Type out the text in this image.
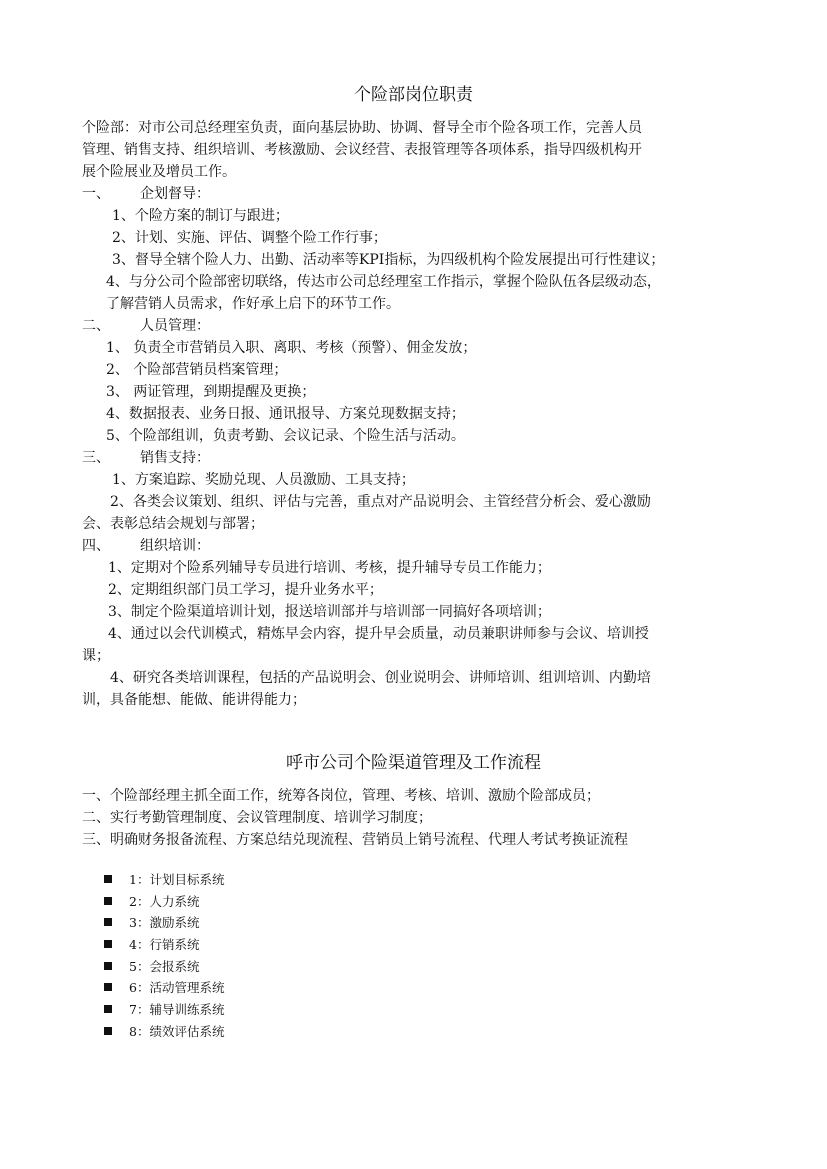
个险部岗位职责
个险部：对市公司总经理室负责，面向基层协助、协调、督导全市个险各项工作，完善人员
管理、销售支持、组织培训、考核激励、会议经营、表报管理等各项体系，指导四级机构开
展个险展业及增员工作。
一、 企划督导：
1、个险方案的制订与跟进；
2、计划、实施、评估、调整个险工作行事；
3、督导全辖个险人力、出勤、活动率等KPI指标，为四级机构个险发展提出可行性建议；
4、与分公司个险部密切联络，传达市公司总经理室工作指示，掌握个险队伍各层级动态，
了解营销人员需求，作好承上启下的环节工作。
二、 人员管理：
1、 负责全市营销员入职、离职、考核（预警）、佣金发放；
2、 个险部营销员档案管理；
3、 两证管理，到期提醒及更换；
4、数据报表、业务日报、通讯报导、方案兑现数据支持；
5、个险部组训，负责考勤、会议记录、个险生活与活动。
三、 销售支持：
1、方案追踪、奖励兑现、人员激励、工具支持；
2、各类会议策划、组织、评估与完善，重点对产品说明会、主管经营分析会、爱心激励
会、表彰总结会规划与部署；
四、 组织培训：
1、定期对个险系列辅导专员进行培训、考核，提升辅导专员工作能力；
2、定期组织部门员工学习，提升业务水平；
3、制定个险渠道培训计划，报送培训部并与培训部一同搞好各项培训；
4、通过以会代训模式，精炼早会内容，提升早会质量，动员兼职讲师参与会议、培训授
课；
4、研究各类培训课程，包括的产品说明会、创业说明会、讲师培训、组训培训、内勤培
训，具备能想、能做、能讲得能力；
呼市公司个险渠道管理及工作流程
一、个险部经理主抓全面工作，统筹各岗位，管理、考核、培训、激励个险部成员；
二、实行考勤管理制度、会议管理制度、培训学习制度；
三、明确财务报备流程、方案总结兑现流程、营销员上销号流程、代理人考试考换证流程
1：计划目标系统
2：人力系统
3：激励系统
4：行销系统
5：会报系统
6：活动管理系统
7：辅导训练系统
8：绩效评估系统
